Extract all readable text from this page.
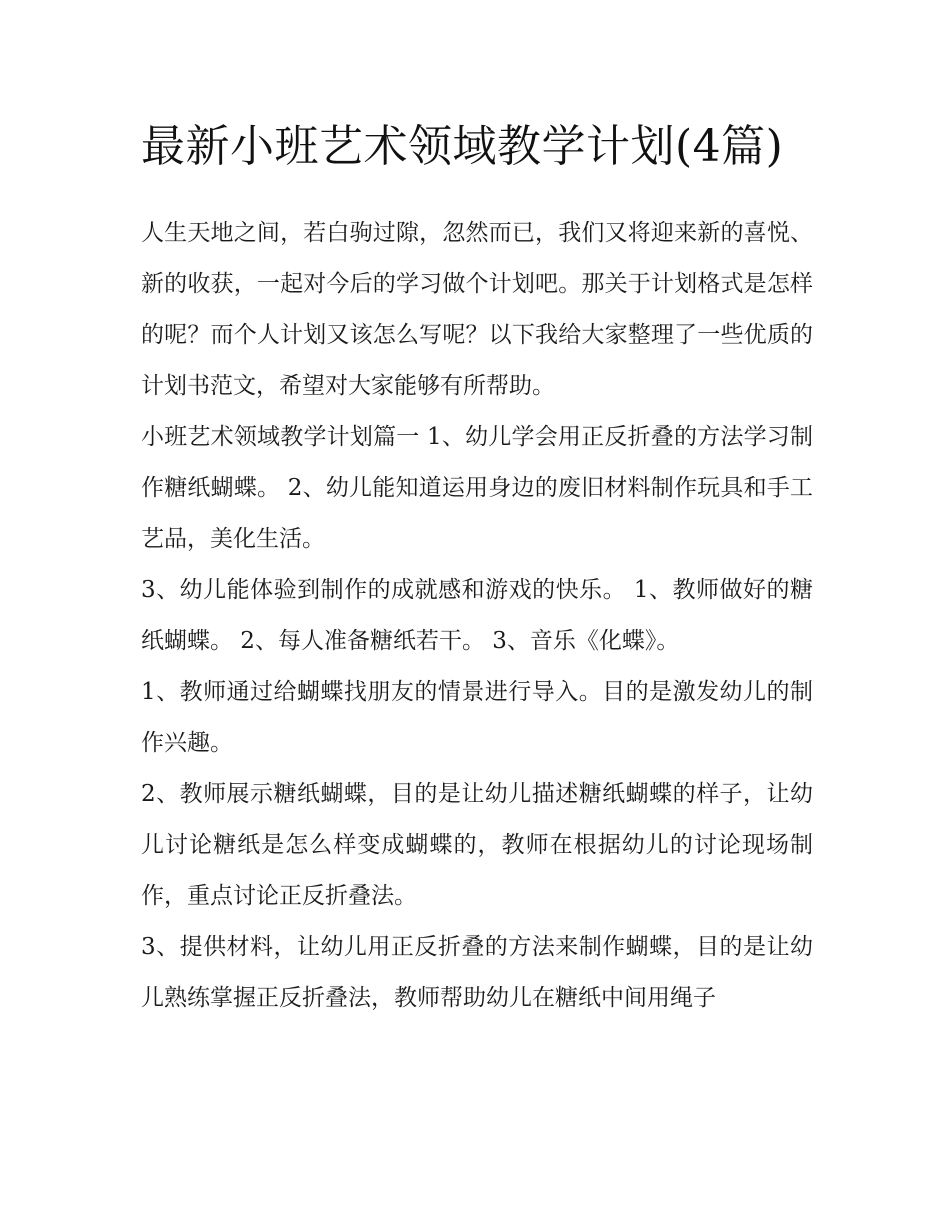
最新小班艺术领域教学计划(4篇)

人生天地之间，若白驹过隙，忽然而已，我们又将迎来新的喜悦、新的收获，一起对今后的学习做个计划吧。那关于计划格式是怎样的呢？而个人计划又该怎么写呢？以下我给大家整理了一些优质的计划书范文，希望对大家能够有所帮助。

小班艺术领域教学计划篇一 1、幼儿学会用正反折叠的方法学习制作糖纸蝴蝶。 2、幼儿能知道运用身边的废旧材料制作玩具和手工艺品，美化生活。

3、幼儿能体验到制作的成就感和游戏的快乐。 1、教师做好的糖纸蝴蝶。 2、每人准备糖纸若干。 3、音乐《化蝶》。

1、教师通过给蝴蝶找朋友的情景进行导入。目的是激发幼儿的制作兴趣。

2、教师展示糖纸蝴蝶，目的是让幼儿描述糖纸蝴蝶的样子，让幼儿讨论糖纸是怎么样变成蝴蝶的，教师在根据幼儿的讨论现场制作，重点讨论正反折叠法。

3、提供材料，让幼儿用正反折叠的方法来制作蝴蝶，目的是让幼儿熟练掌握正反折叠法，教师帮助幼儿在糖纸中间用绳子
